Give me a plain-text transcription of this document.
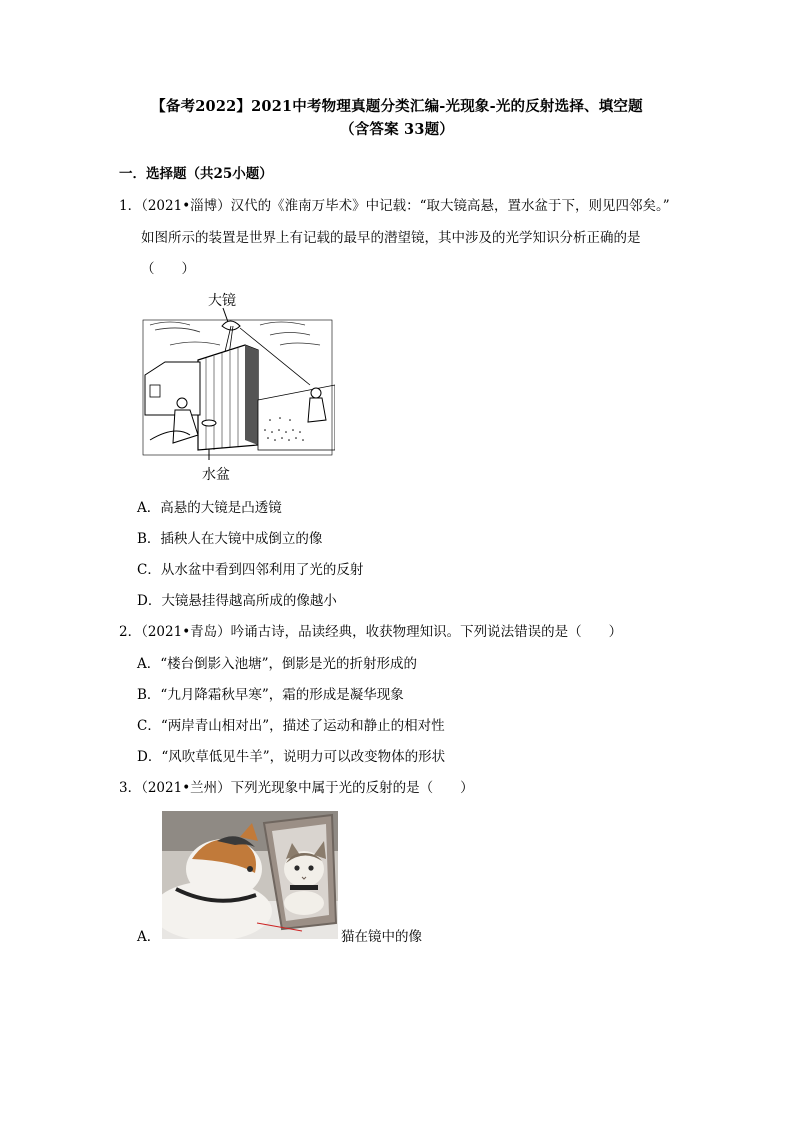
【备考2022】2021中考物理真题分类汇编-光现象-光的反射选择、填空题
（含答案 33题）
一．选择题（共25小题）
1．（2021•淄博）汉代的《淮南万毕术》中记载：“取大镜高悬，置水盆于下，则见四邻矣。”
如图所示的装置是世界上有记载的最早的潜望镜，其中涉及的光学知识分析正确的是
（　　）
大镜
水盆
A．高悬的大镜是凸透镜
B．插秧人在大镜中成倒立的像
C．从水盆中看到四邻利用了光的反射
D．大镜悬挂得越高所成的像越小
2．（2021•青岛）吟诵古诗，品读经典，收获物理知识。下列说法错误的是（　　）
A．“楼台倒影入池塘”，倒影是光的折射形成的
B．“九月降霜秋早寒”，霜的形成是凝华现象
C．“两岸青山相对出”，描述了运动和静止的相对性
D．“风吹草低见牛羊”，说明力可以改变物体的形状
3．（2021•兰州）下列光现象中属于光的反射的是（　　）
A．	猫在镜中的像
